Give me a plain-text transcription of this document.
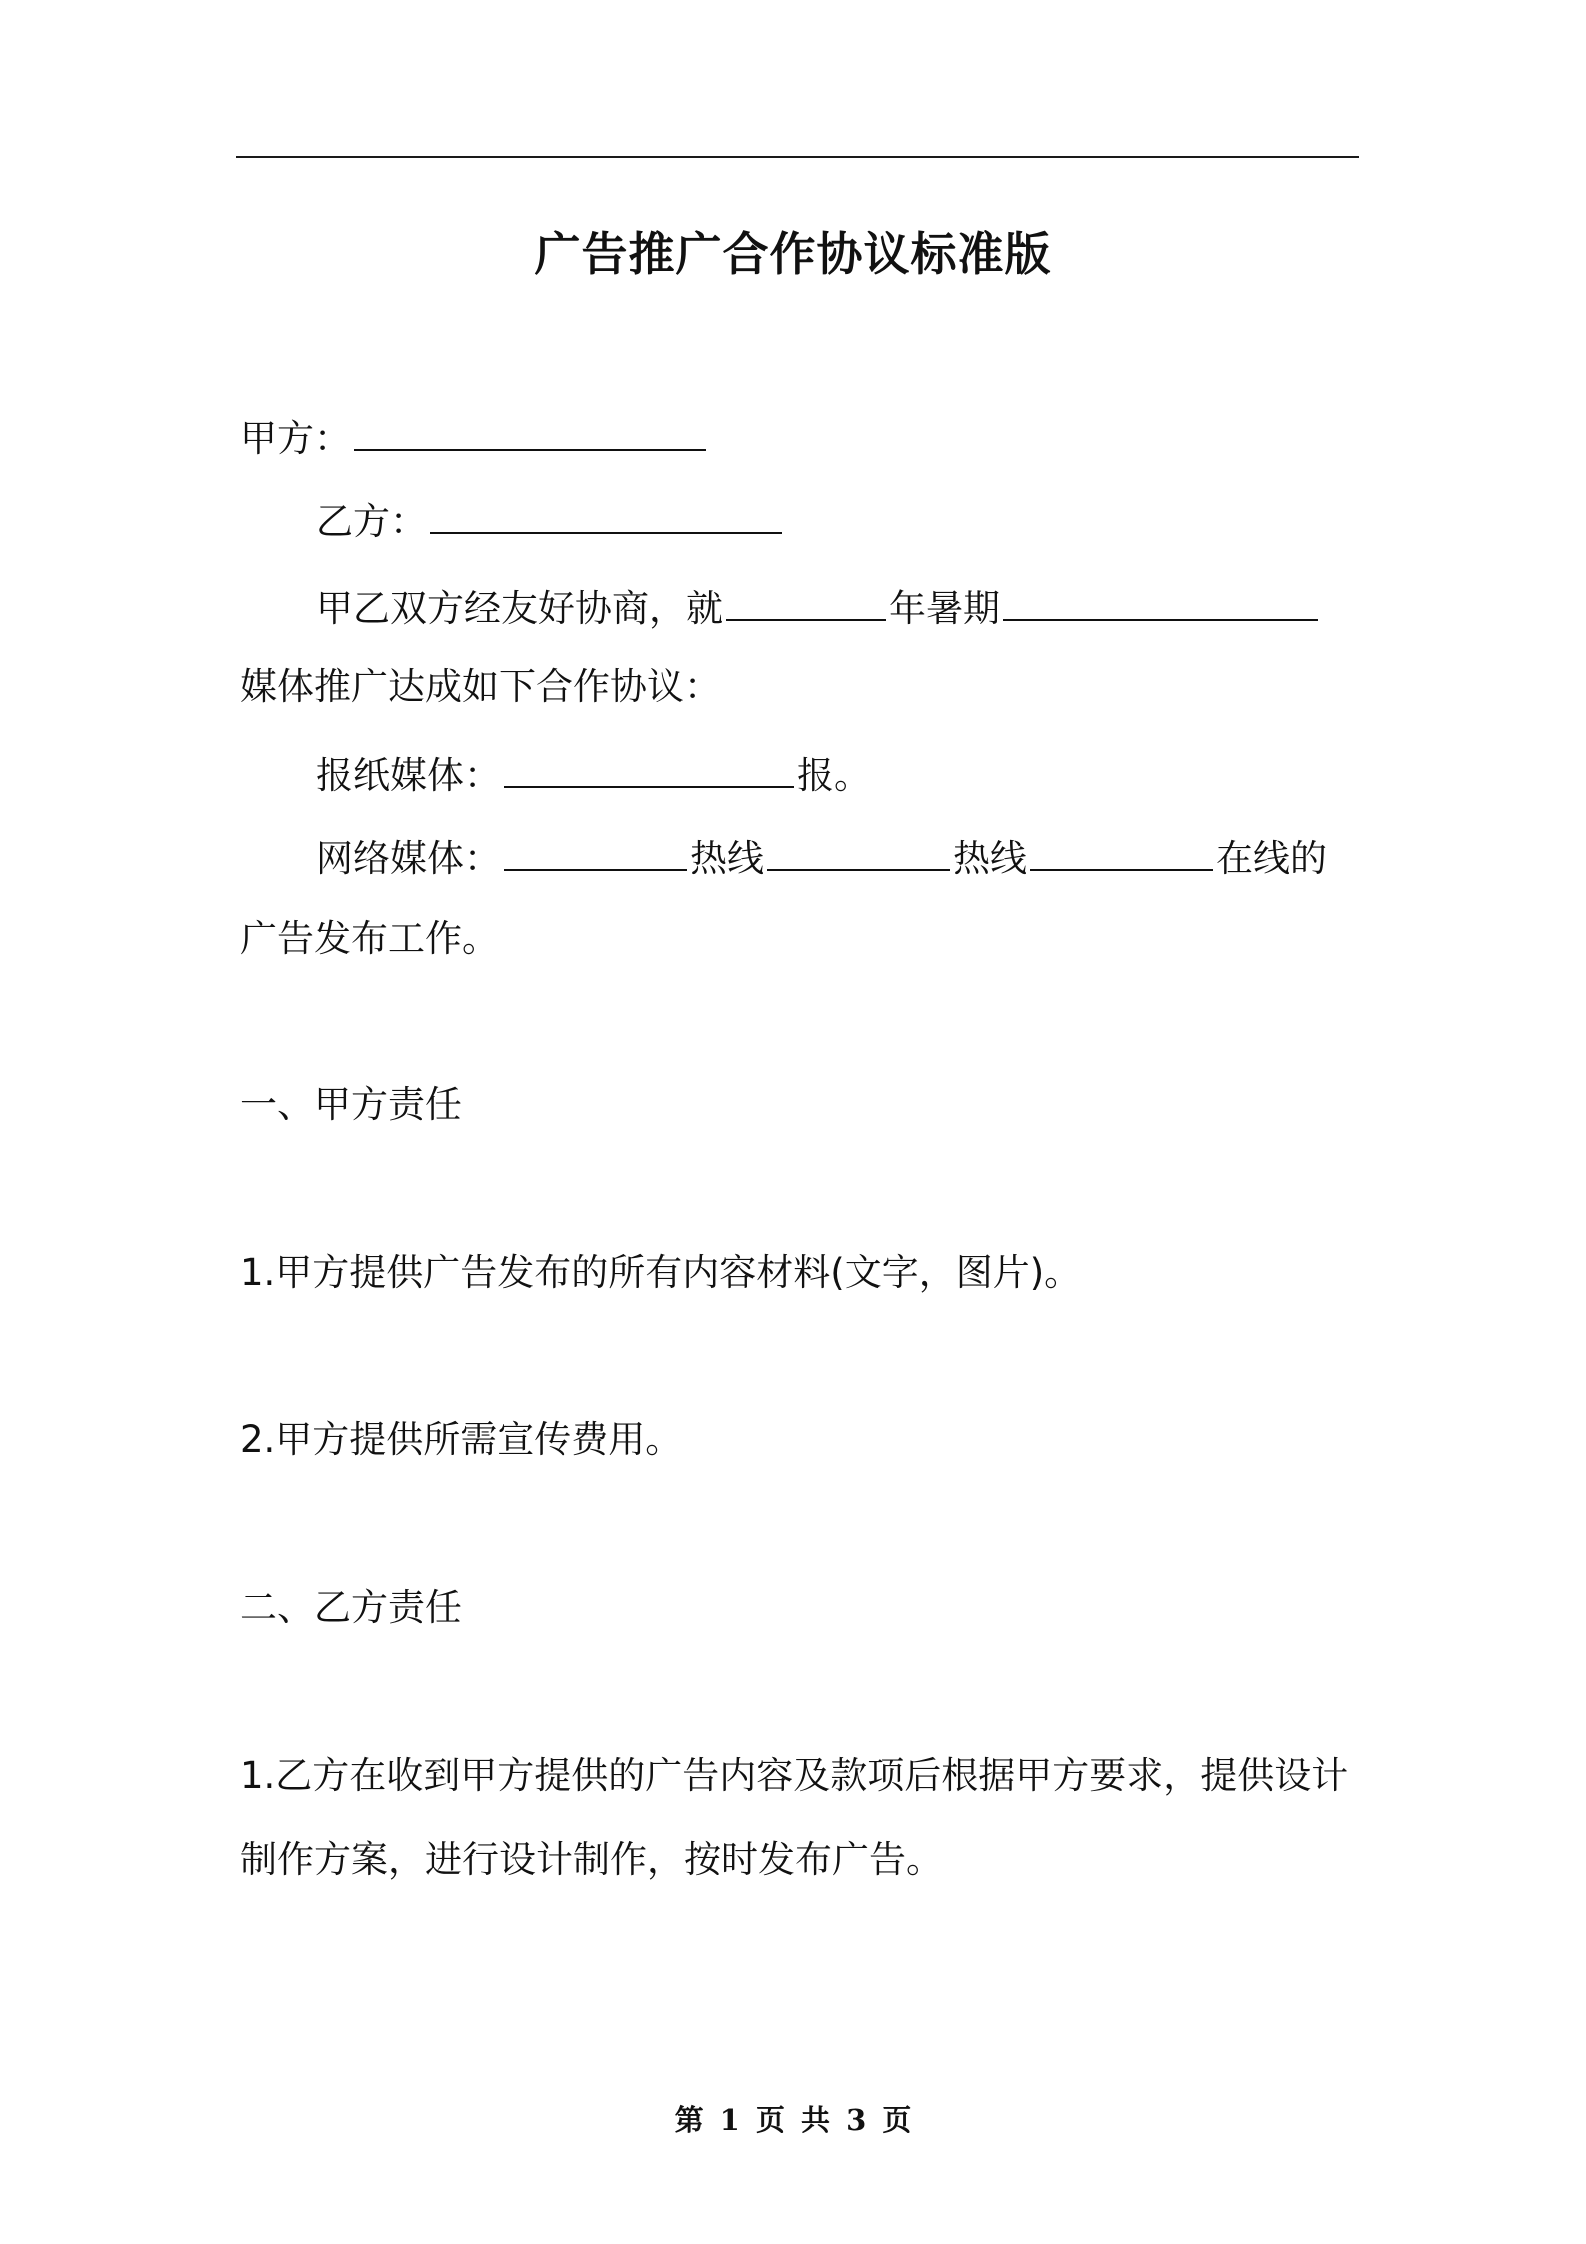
广告推广合作协议标准版
甲方：
乙方：
甲乙双方经友好协商，就	年暑期
媒体推广达成如下合作协议：
报纸媒体：	报。
网络媒体：	热线	热线	在线的
广告发布工作。
一、甲方责任
1.甲方提供广告发布的所有内容材料(文字，图片)。
2.甲方提供所需宣传费用。
二、乙方责任
1.乙方在收到甲方提供的广告内容及款项后根据甲方要求，提供设计
制作方案，进行设计制作，按时发布广告。
第 1 页 共 3 页
